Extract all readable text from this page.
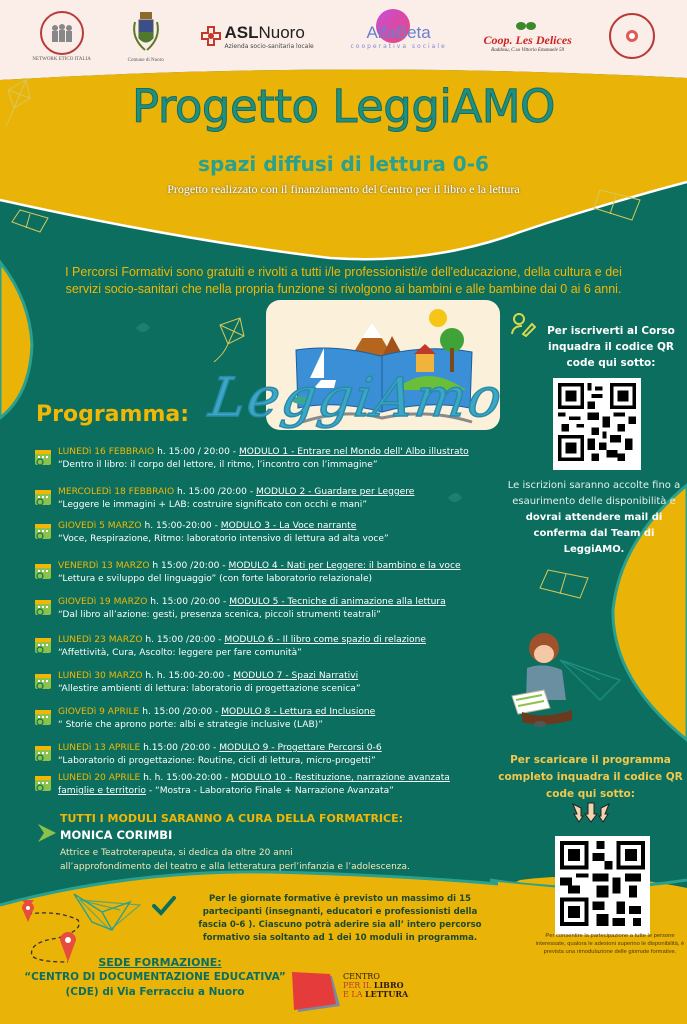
NETWORK ETICO ITALIA	Comune di Nuoro
ASLNuoro
Azienda socio-sanitaria locale
AlfaBeta
cooperativa sociale	Coop. Les Delices
Baddosu, C.so Vittorio Emanuele 59
Progetto LeggiAMO
spazi diffusi di lettura 0-6
Progetto realizzato con il finanziamento del Centro per il libro e la lettura
I Percorsi Formativi sono gratuiti e rivolti a tutti i/le professionisti/e dell'educazione, della cultura e dei servizi socio-sanitari che nella propria funzione si rivolgono ai bambini e alle bambine dai 0 ai 6 anni.
LeggiAmo
Programma:
LUNEDì 16 FEBBRAIO h. 15:00 / 20:00 - MODULO 1 - Entrare nel Mondo dell' Albo illustrato
“Dentro il libro: il corpo del lettore, il ritmo, l’incontro con l’immagine”
MERCOLEDì 18 FEBBRAIO h. 15:00 /20:00 - MODULO 2 - Guardare per Leggere
“Leggere le immagini + LAB: costruire significato con occhi e mani”
GIOVEDì 5 MARZO h. 15:00-20:00 - MODULO 3 - La Voce narrante
“Voce, Respirazione, Ritmo: laboratorio intensivo di lettura ad alta voce”
VENERDì 13 MARZO h 15:00 /20:00 - MODULO 4 - Nati per Leggere: il bambino e la voce
“Lettura e sviluppo del linguaggio” (con forte laboratorio relazionale)
GIOVEDì 19 MARZO h. 15:00 /20:00 - MODULO 5 - Tecniche di animazione alla lettura
“Dal libro all’azione: gesti, presenza scenica, piccoli strumenti teatrali”
LUNEDì 23 MARZO h. 15:00 /20:00 - MODULO 6 - Il libro come spazio di relazione
“Affettività, Cura, Ascolto: leggere per fare comunità”
LUNEDì 30 MARZO h. h. 15:00-20:00 - MODULO 7 - Spazi Narrativi
“Allestire ambienti di lettura: laboratorio di progettazione scenica”
GIOVEDì 9 APRILE h. 15:00 /20:00 - MODULO 8 - Lettura ed Inclusione
“ Storie che aprono porte: albi e strategie inclusive (LAB)”
LUNEDì 13 APRILE h.15:00 /20:00 - MODULO 9 - Progettare Percorsi 0-6
“Laboratorio di progettazione: Routine, cicli di lettura, micro-progetti”
LUNEDì 20 APRILE h. h. 15:00-20:00 - MODULO 10 - Restituzione, narrazione avanzata
famiglie e territorio - “Mostra - Laboratorio Finale + Narrazione Avanzata”
TUTTI I MODULI SARANNO A CURA DELLA FORMATRICE:
MONICA CORIMBI
Attrice e Teatroterapeuta, si dedica da oltre 20 anni
all’approfondimento del teatro e alla letteratura perl’infanzia e l’adolescenza.
Per iscriverti al Corso inquadra il codice QR code qui sotto:
Le iscrizioni saranno accolte fino a esaurimento delle disponibilità e dovrai attendere mail di conferma dal Team di LeggiAMO.
Per scaricare il programma completo inquadra il codice QR code qui sotto:
Per consentire la partecipazione a tutte le persone interessate, qualora le adesioni superino le disponibilità, è prevista una rimodulazione delle giornate formative.
Per le giornate formative è previsto un massimo di 15 partecipanti (insegnanti, educatori e professionisti della fascia 0-6 ). Ciascuno potrà aderire sia all’ intero percorso formativo sia soltanto ad 1 dei 10 moduli in programma.
SEDE FORMAZIONE:
“CENTRO DI DOCUMENTAZIONE EDUCATIVA”
(CDE) di Via Ferracciu a Nuoro
CENTRO
PER IL LIBRO
E LA LETTURA
